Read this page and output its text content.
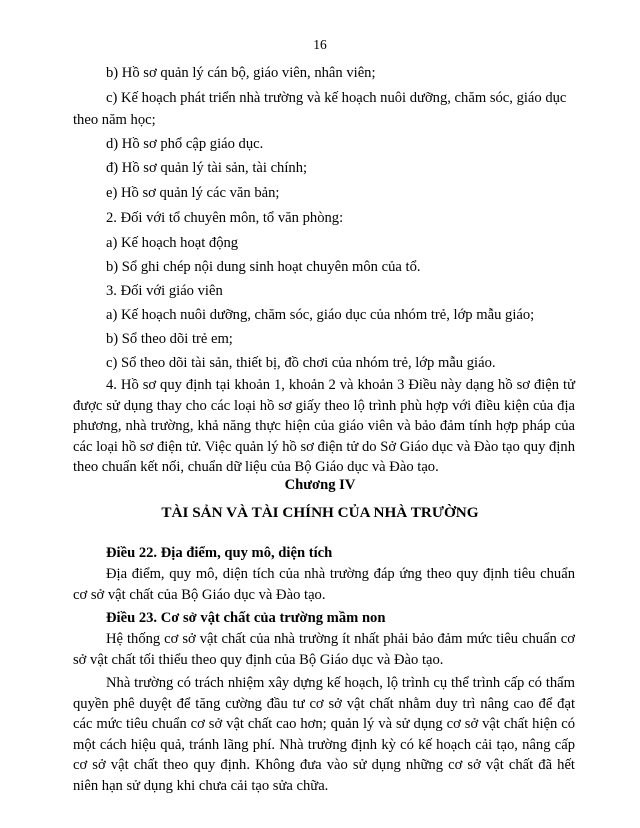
16
b) Hồ sơ quản lý cán bộ, giáo viên, nhân viên;
c) Kế hoạch phát triển nhà trường và kế hoạch nuôi dưỡng, chăm sóc, giáo dục
theo năm học;
d) Hồ sơ phổ cập giáo dục.
đ) Hồ sơ quản lý tài sản, tài chính;
e) Hồ sơ quản lý các văn bản;
2. Đối với tổ chuyên môn, tổ văn phòng:
a) Kế hoạch hoạt động
b) Sổ ghi chép nội dung sinh hoạt chuyên môn của tổ.
3. Đối với giáo viên
a) Kế hoạch nuôi dưỡng, chăm sóc, giáo dục của nhóm trẻ, lớp mẫu giáo;
b) Sổ theo dõi trẻ em;
c) Sổ theo dõi tài sản, thiết bị, đồ chơi của nhóm trẻ, lớp mẫu giáo.
4. Hồ sơ quy định tại khoản 1, khoản 2 và khoản 3 Điều này dạng hồ sơ điện tử được sử dụng thay cho các loại hồ sơ giấy theo lộ trình phù hợp với điều kiện của địa phương, nhà trường, khả năng thực hiện của giáo viên và bảo đảm tính hợp pháp của các loại hồ sơ điện tử. Việc quản lý hồ sơ điện tử do Sở Giáo dục và Đào tạo quy định theo chuẩn kết nối, chuẩn dữ liệu của Bộ Giáo dục và Đào tạo.
Chương IV
TÀI SẢN VÀ TÀI CHÍNH CỦA NHÀ TRƯỜNG
Điều 22. Địa điểm, quy mô, diện tích
Địa điểm, quy mô, diện tích của nhà trường đáp ứng theo quy định tiêu chuẩn cơ sở vật chất của Bộ Giáo dục và Đào tạo.
Điều 23. Cơ sở vật chất của trường mầm non
Hệ thống cơ sở vật chất của nhà trường ít nhất phải bảo đảm mức tiêu chuẩn cơ sở vật chất tối thiểu theo quy định của Bộ Giáo dục và Đào tạo.
Nhà trường có trách nhiệm xây dựng kế hoạch, lộ trình cụ thể trình cấp có thẩm quyền phê duyệt để tăng cường đầu tư cơ sở vật chất nhằm duy trì nâng cao để đạt các mức tiêu chuẩn cơ sở vật chất cao hơn; quản lý và sử dụng cơ sở vật chất hiện có một cách hiệu quả, tránh lãng phí. Nhà trường định kỳ có kế hoạch cải tạo, nâng cấp cơ sở vật chất theo quy định. Không đưa vào sử dụng những cơ sở vật chất đã hết niên hạn sử dụng khi chưa cải tạo sửa chữa.
